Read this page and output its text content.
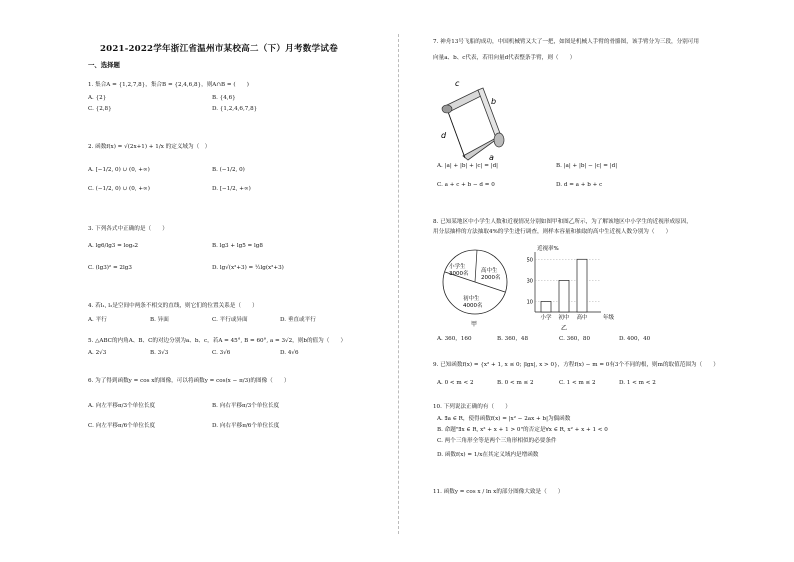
2021-2022学年浙江省温州市某校高二（下）月考数学试卷
一、选择题
1. 集合A = {1,2,7,8}，集合B = {2,4,6,8}，则A∩B = (　　)
A. {2}	B. {4,6}
C. {2,8}	D. {1,2,4,6,7,8}
2. 函数f(x) = √(2x+1) + 1/x 的定义域为（　）
A. [−1/2, 0) ∪ (0, +∞)	B. (−1/2, 0)
C. (−1/2, 0) ∪ (0, +∞)	D. [−1/2, +∞)
3. 下列各式中正确的是（　　）
A. lg6/lg3 = log₃2	B. lg3 + lg5 = lg8
C. (lg3)² = 2lg3	D. lg√(x²+3) = ½lg(x²+3)
4. 若l₁, l₂是空间中两条不相交的直线，则它们的位置关系是（　　）
A. 平行	B. 异面	C. 平行或异面	D. 垂直或平行
5. △ABC的内角A、B、C的对边分别为a、b、c，若A = 45°, B = 60°, a = 3√2，则b的值为（　　）
A. 2√3	B. 3√3	C. 3√6	D. 4√6
6. 为了得到函数y = cos x的图像，可以将函数y = cos(x − π/3)的图像（　　）
A. 向左平移π/3个单位长度	B. 向右平移π/3个单位长度
C. 向左平移π/6个单位长度	D. 向右平移π/6个单位长度
7. 神舟13号飞船的成功，中国机械臂又大了一把，如图是机械人手臂的骨骼图，该手臂分为三段，分别可用
向量a、b、c代表，若用向量d代表整条手臂，则（　　）
c
b
d
a
A. |a| + |b| + |c| = |d|	B. |a| + |b| − |c| = |d|
C. a + c + b − d = 0	D. d = a + b + c
8. 已知某地区中小学生人数和近视情况分别如图甲和图乙所示，为了解该地区中小学生的近视形成原因，
用分层抽样的方法抽取4%的学生进行调查，则样本容量和抽取的高中生近视人数分别为（　　）
小学生 3000名 高中生 2000名
初中生 4000名
甲
近视率%
年级
乙
10
30
50
小学 初中 高中
A. 360，160	B. 360，48	C. 360，80	D. 400，40
9. 已知函数f(x) = {x² + 1, x ≤ 0; |lgx|, x > 0}，方程f(x) − m = 0有3个不同的根，则m的取值范围为（　　）
A. 0 < m < 2	B. 0 < m ≤ 2	C. 1 < m ≤ 2	D. 1 < m < 2
10. 下列说法正确的有（　　）
A. ∃a ∈ R，使得函数f(x) = |x² − 2ax + b|为偶函数
B. 命题"∃x ∈ R, x² + x + 1 > 0"的否定是∀x ∈ R, x² + x + 1 < 0
C. 两个三角形全等是两个三角形相似的必要条件
D. 函数f(x) = 1/x在其定义域内是增函数
11. 函数y = cos x / ln x的部分图像大致是（　　）
